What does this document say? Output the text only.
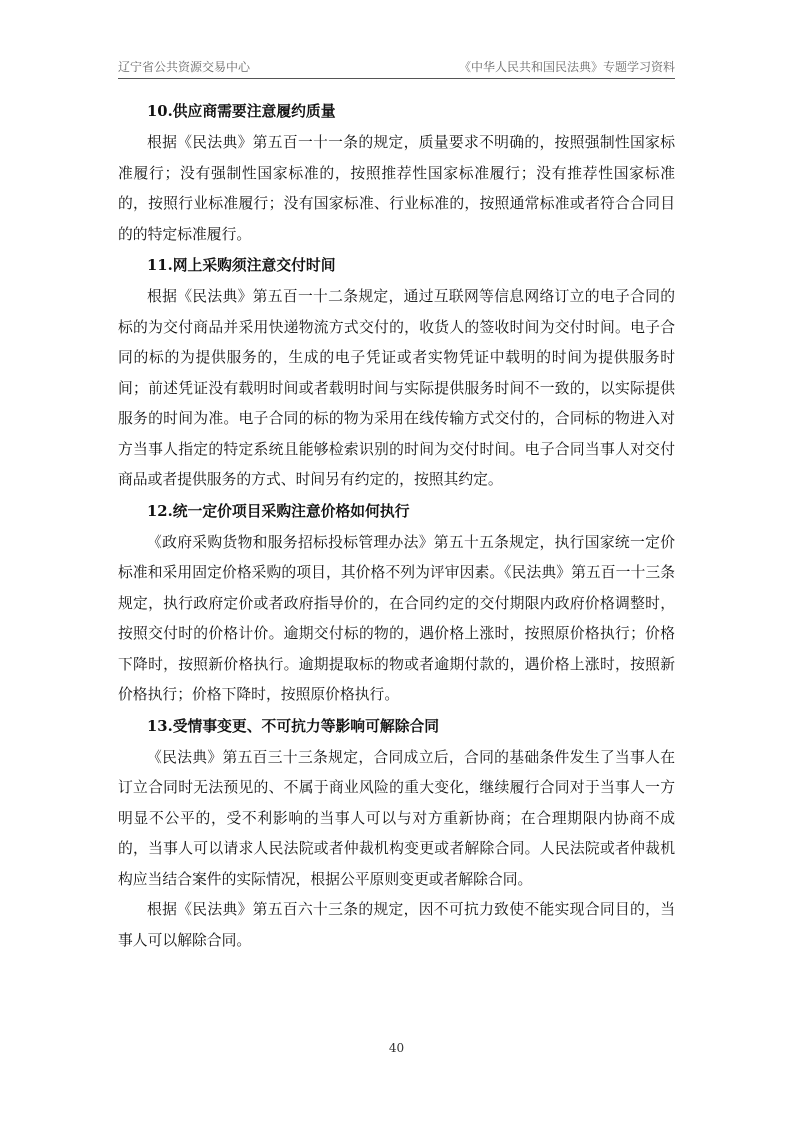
辽宁省公共资源交易中心	《中华人民共和国民法典》专题学习资料
10.供应商需要注意履约质量

根据《民法典》第五百一十一条的规定，质量要求不明确的，按照强制性国家标准履行；没有强制性国家标准的，按照推荐性国家标准履行；没有推荐性国家标准的，按照行业标准履行；没有国家标准、行业标准的，按照通常标准或者符合合同目的的特定标准履行。

11.网上采购须注意交付时间

根据《民法典》第五百一十二条规定，通过互联网等信息网络订立的电子合同的标的为交付商品并采用快递物流方式交付的，收货人的签收时间为交付时间。电子合同的标的为提供服务的，生成的电子凭证或者实物凭证中载明的时间为提供服务时间；前述凭证没有载明时间或者载明时间与实际提供服务时间不一致的，以实际提供服务的时间为准。电子合同的标的物为采用在线传输方式交付的，合同标的物进入对方当事人指定的特定系统且能够检索识别的时间为交付时间。电子合同当事人对交付商品或者提供服务的方式、时间另有约定的，按照其约定。

12.统一定价项目采购注意价格如何执行

《政府采购货物和服务招标投标管理办法》第五十五条规定，执行国家统一定价标准和采用固定价格采购的项目，其价格不列为评审因素。《民法典》第五百一十三条规定，执行政府定价或者政府指导价的，在合同约定的交付期限内政府价格调整时，按照交付时的价格计价。逾期交付标的物的，遇价格上涨时，按照原价格执行；价格下降时，按照新价格执行。逾期提取标的物或者逾期付款的，遇价格上涨时，按照新价格执行；价格下降时，按照原价格执行。

13.受情事变更、不可抗力等影响可解除合同

《民法典》第五百三十三条规定，合同成立后，合同的基础条件发生了当事人在订立合同时无法预见的、不属于商业风险的重大变化，继续履行合同对于当事人一方明显不公平的，受不利影响的当事人可以与对方重新协商；在合理期限内协商不成的，当事人可以请求人民法院或者仲裁机构变更或者解除合同。人民法院或者仲裁机构应当结合案件的实际情况，根据公平原则变更或者解除合同。

根据《民法典》第五百六十三条的规定，因不可抗力致使不能实现合同目的，当事人可以解除合同。

40
